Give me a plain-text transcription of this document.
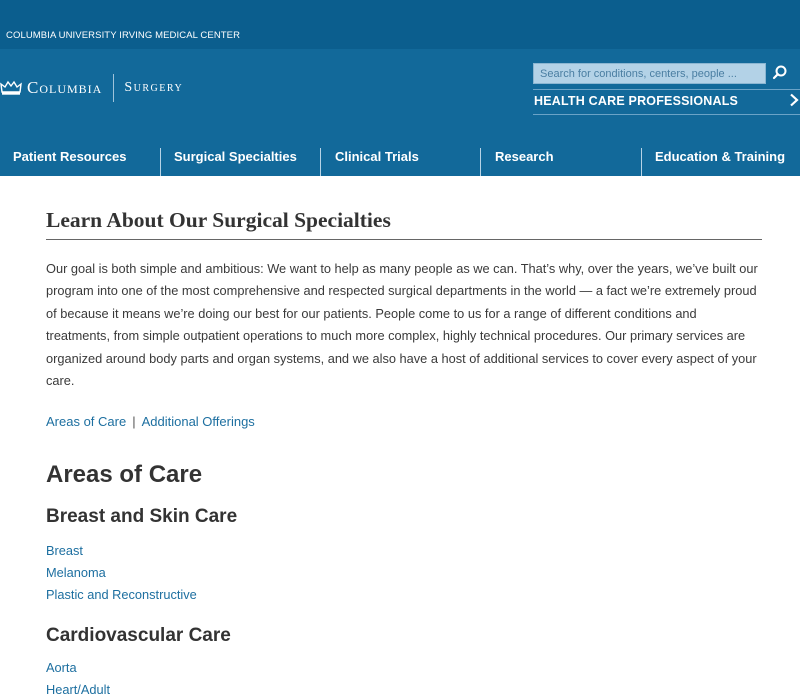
COLUMBIA UNIVERSITY IRVING MEDICAL CENTER
Columbia Surgery
Search for conditions, centers, people ...
HEALTH CARE PROFESSIONALS
Patient Resources	Surgical Specialties	Clinical Trials	Research	Education & Training
Learn About Our Surgical Specialties

Our goal is both simple and ambitious: We want to help as many people as we can. That’s why, over the years, we’ve built our program into one of the most comprehensive and respected surgical departments in the world — a fact we’re extremely proud of because it means we’re doing our best for our patients. People come to us for a range of different conditions and treatments, from simple outpatient operations to much more complex, highly technical procedures. Our primary services are organized around body parts and organ systems, and we also have a host of additional services to cover every aspect of your care.

Areas of Care | Additional Offerings
Areas of Care
Breast and Skin Care
Breast
Melanoma
Plastic and Reconstructive
Cardiovascular Care
Aorta
Heart/Adult
